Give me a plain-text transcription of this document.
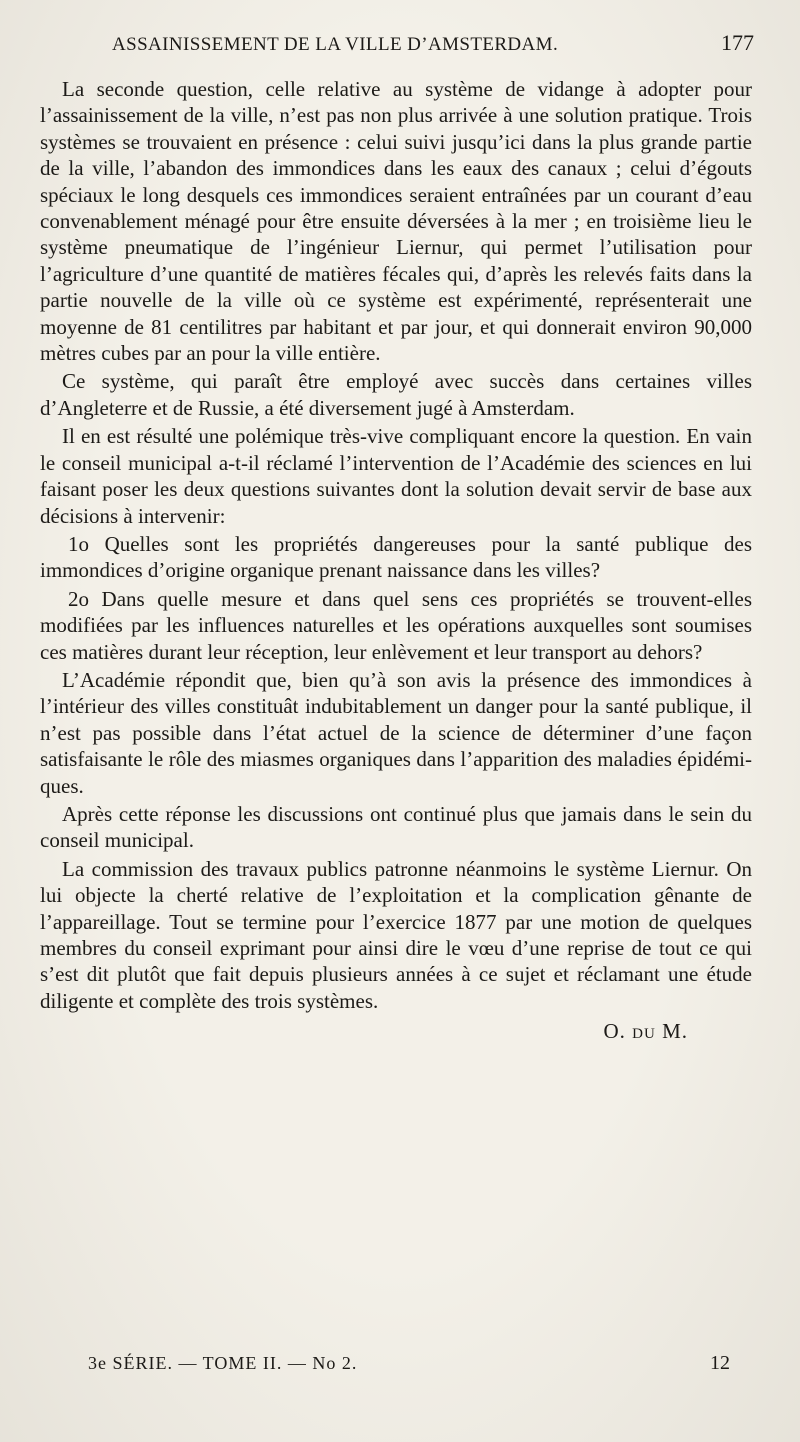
ASSAINISSEMENT DE LA VILLE D’AMSTERDAM.	177

La seconde question, celle relative au système de vidange à adopter pour l’assainissement de la ville, n’est pas non plus arrivée à une solution pratique. Trois systèmes se trouvaient en présence : celui suivi jusqu’ici dans la plus grande partie de la ville, l’abandon des immondices dans les eaux des canaux ; celui d’égouts spéciaux le long desquels ces immondices seraient entraînées par un courant d’eau convenablement ménagé pour être ensuite déversées à la mer ; en troisième lieu le système pneumatique de l’ingénieur Liernur, qui permet l’utilisation pour l’agriculture d’une quantité de matières fécales qui, d’après les relevés faits dans la partie nouvelle de la ville où ce système est expérimenté, représenterait une moyenne de 81 centilitres par habitant et par jour, et qui donnerait environ 90,000 mètres cubes par an pour la ville entière.

Ce système, qui paraît être employé avec succès dans certaines villes d’Angleterre et de Russie, a été diversement jugé à Amsterdam.

Il en est résulté une polémique très-vive compliquant encore la question. En vain le conseil municipal a-t-il réclamé l’intervention de l’Académie des sciences en lui faisant poser les deux questions suivantes dont la solution devait servir de base aux décisions à intervenir:

1o Quelles sont les propriétés dangereuses pour la santé publique des immondices d’origine organique prenant naissance dans les villes?

2o Dans quelle mesure et dans quel sens ces propriétés se trouvent-elles modifiées par les influences naturelles et les opérations auxquelles sont soumises ces matières durant leur réception, leur enlèvement et leur transport au dehors?

L’Académie répondit que, bien qu’à son avis la présence des immondices à l’intérieur des villes constituât indubitablement un danger pour la santé publique, il n’est pas possible dans l’état actuel de la science de déterminer d’une façon satisfaisante le rôle des miasmes organiques dans l’apparition des maladies épidémiques.

Après cette réponse les discussions ont continué plus que jamais dans le sein du conseil municipal.

La commission des travaux publics patronne néanmoins le système Liernur. On lui objecte la cherté relative de l’exploitation et la complication gênante de l’appareillage. Tout se termine pour l’exercice 1877 par une motion de quelques membres du conseil exprimant pour ainsi dire le vœu d’une reprise de tout ce qui s’est dit plutôt que fait depuis plusieurs années à ce sujet et réclamant une étude diligente et complète des trois systèmes.

O. DU M.
3e SÉRIE. — TOME II. — No 2.	12
